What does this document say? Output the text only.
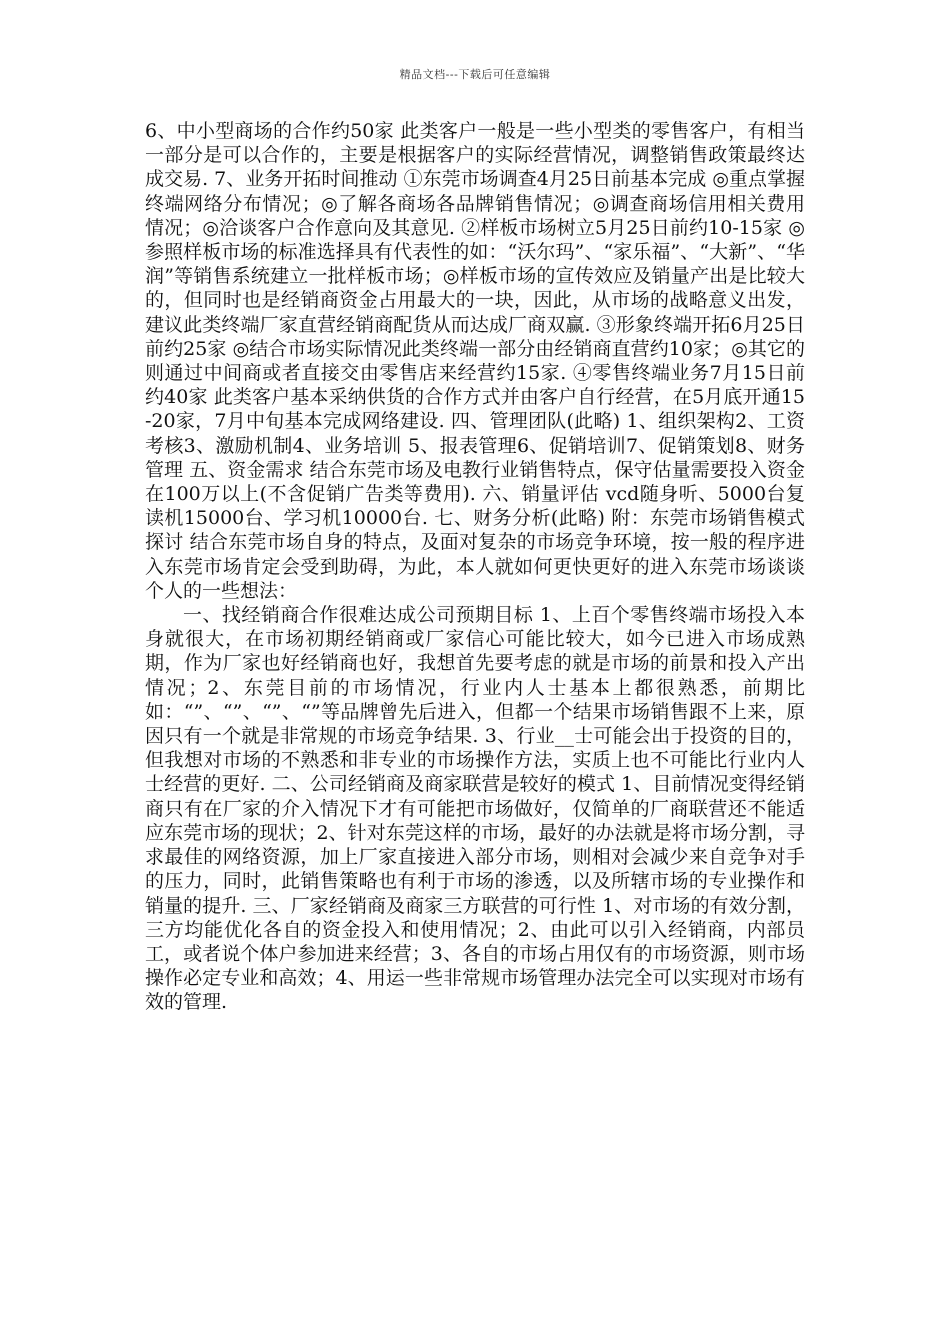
精品文档---下载后可任意编辑

6、中小型商场的合作约50家 此类客户一般是一些小型类的零售客户，有相当一部分是可以合作的，主要是根据客户的实际经营情况，调整销售政策最终达成交易. 7、业务开拓时间推动 ①东莞市场调查4月25日前基本完成 ◎重点掌握终端网络分布情况；◎了解各商场各品牌销售情况；◎调查商场信用相关费用情况；◎洽谈客户合作意向及其意见. ②样板市场树立5月25日前约10-15家 ◎参照样板市场的标准选择具有代表性的如：“沃尔玛”、“家乐福”、“大新”、“华润”等销售系统建立一批样板市场；◎样板市场的宣传效应及销量产出是比较大的，但同时也是经销商资金占用最大的一块，因此，从市场的战略意义出发，建议此类终端厂家直营经销商配货从而达成厂商双赢. ③形象终端开拓6月25日前约25家 ◎结合市场实际情况此类终端一部分由经销商直营约10家；◎其它的则通过中间商或者直接交由零售店来经营约15家. ④零售终端业务7月15日前约40家 此类客户基本采纳供货的合作方式并由客户自行经营，在5月底开通15-20家，7月中旬基本完成网络建设. 四、管理团队(此略) 1、组织架构2、工资考核3、激励机制4、业务培训 5、报表管理6、促销培训7、促销策划8、财务管理 五、资金需求 结合东莞市场及电教行业销售特点，保守估量需要投入资金在100万以上(不含促销广告类等费用). 六、销量评估 vcd随身听、5000台复读机15000台、学习机10000台. 七、财务分析(此略) 附：东莞市场销售模式探讨 结合东莞市场自身的特点，及面对复杂的市场竞争环境，按一般的程序进入东莞市场肯定会受到助碍，为此，本人就如何更快更好的进入东莞市场谈谈个人的一些想法：

一、找经销商合作很难达成公司预期目标 1、上百个零售终端市场投入本身就很大，在市场初期经销商或厂家信心可能比较大，如今已进入市场成熟期，作为厂家也好经销商也好，我想首先要考虑的就是市场的前景和投入产出情况；2、东莞目前的市场情况，行业内人士基本上都很熟悉，前期比如：“”、“”、“”、“”等品牌曾先后进入，但都一个结果市场销售跟不上来，原因只有一个就是非常规的市场竞争结果. 3、行业__士可能会出于投资的目的，但我想对市场的不熟悉和非专业的市场操作方法，实质上也不可能比行业内人士经营的更好. 二、公司经销商及商家联营是较好的模式 1、目前情况变得经销商只有在厂家的介入情况下才有可能把市场做好，仅简单的厂商联营还不能适应东莞市场的现状；2、针对东莞这样的市场，最好的办法就是将市场分割，寻求最佳的网络资源，加上厂家直接进入部分市场，则相对会减少来自竞争对手的压力，同时，此销售策略也有利于市场的渗透，以及所辖市场的专业操作和销量的提升. 三、厂家经销商及商家三方联营的可行性 1、对市场的有效分割，三方均能优化各自的资金投入和使用情况；2、由此可以引入经销商，内部员工，或者说个体户参加进来经营；3、各自的市场占用仅有的市场资源，则市场操作必定专业和高效；4、用运一些非常规市场管理办法完全可以实现对市场有效的管理.
